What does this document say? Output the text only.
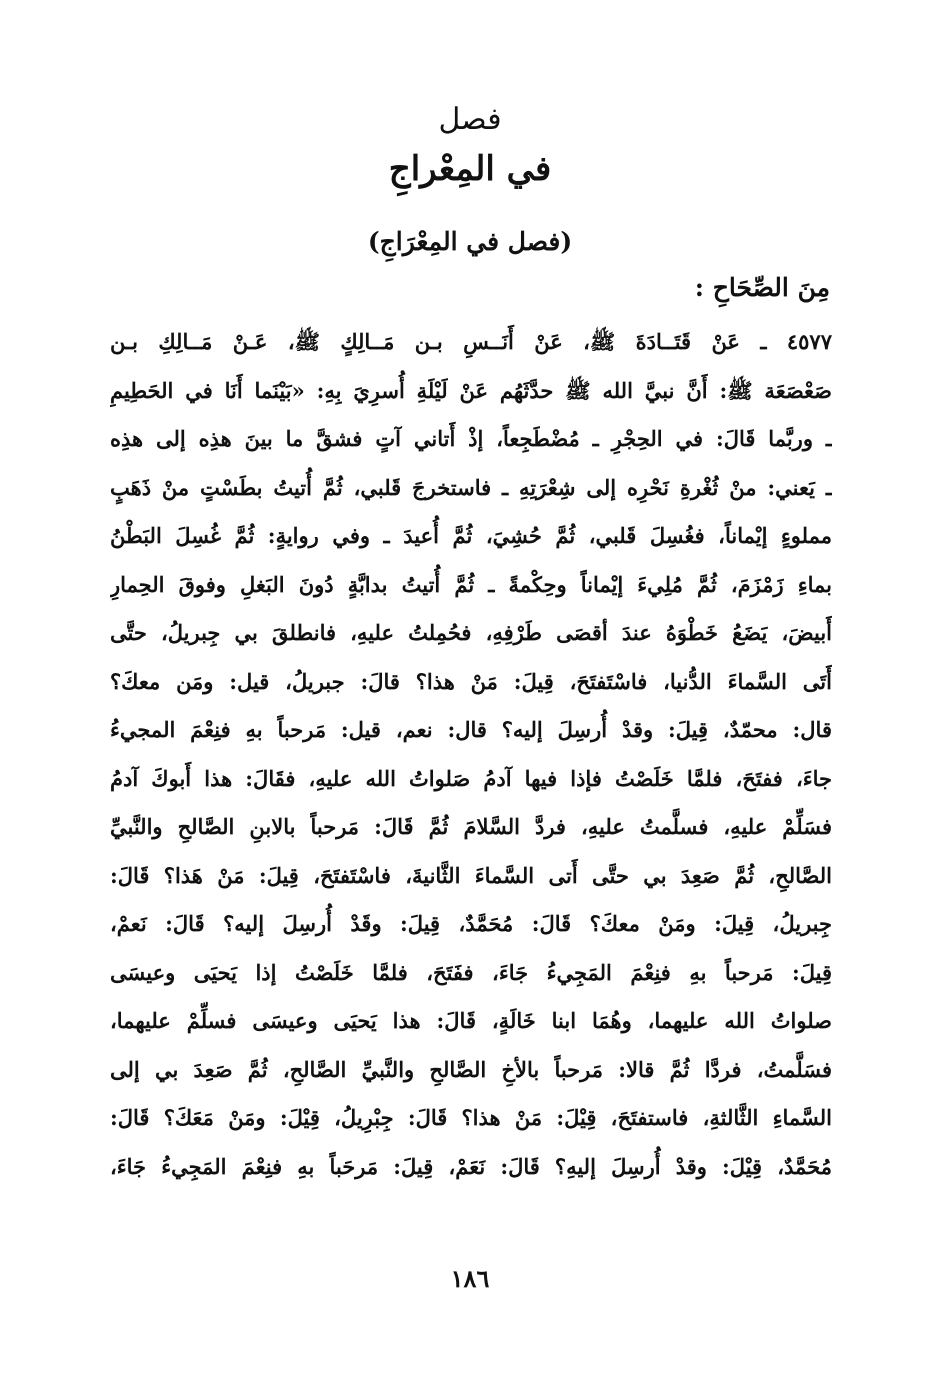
فصل
في المِعْراجِ
(فصل في المِعْرَاجِ)
مِنَ الصِّحَاحِ :
٤٥٧٧ ـ عَنْ قَتَــادَةَ ﷺ، عَنْ أَنَــسِ بـن مَــالِكٍ ﷺ، عَـنْ مَــالِكِ بـن
صَعْصَعَة ﷺ: أَنَّ نبيَّ الله ﷺ حدَّثَهُم عَنْ لَيْلَةِ أُسرِيَ بِهِ: «بَيْنَما أَنَا في الحَطِيمِ
ـ وربَّما قَالَ: في الحِجْرِ ـ مُضْطَجِعاً، إذْ أَتاني آتٍ فشقَّ ما بينَ هذِه إلى هذِه
ـ يَعني: منْ ثُغْرةِ نَحْرِه إلى شِعْرَتِهِ ـ فاستخرجَ قَلبي، ثُمَّ أُتيتُ بطَسْتٍ منْ ذَهَبٍ
مملوءٍ إيْماناً، فغُسِلَ قَلبي، ثُمَّ حُشِيَ، ثُمَّ أُعيدَ ـ وفي روايةٍ: ثُمَّ غُسِلَ البَطْنُ
بماءِ زَمْزَمَ، ثُمَّ مُلِيءَ إيْماناً وحِكْمةً ـ ثُمَّ أُتيتُ بدابَّةٍ دُونَ البَغلِ وفوقَ الحِمارِ
أَبيضَ، يَضَعُ خَطْوَهُ عندَ أقصَى طَرْفِهِ، فحُمِلتُ عليهِ، فانطلقَ بي جِبريلُ، حتَّى
أَتَى السَّماءَ الدُّنيا، فاسْتَفتَحَ، قِيلَ: مَنْ هذا؟ قالَ: جبريلُ، قيل: ومَن معكَ؟
قال: محمّدٌ، قِيلَ: وقدْ أُرسِلَ إليه؟ قال: نعم، قيل: مَرحباً بهِ فنِعْمَ المجيءُ
جاءَ، ففتَحَ، فلمَّا خَلَصْتُ فإذا فيها آدمُ صَلواتُ الله عليهِ، فقَالَ: هذا أَبوكَ آدمُ
فسَلِّمْ عليهِ، فسلَّمتُ عليهِ، فردَّ السَّلامَ ثُمَّ قَالَ: مَرحباً بالابنِ الصَّالحِ والنَّبيِّ
الصَّالحِ، ثُمَّ صَعِدَ بي حتَّى أَتى السَّماءَ الثَّانيةَ، فاسْتَفتَحَ، قِيلَ: مَنْ هَذا؟ قَالَ:
جِبريلُ، قِيلَ: ومَنْ معكَ؟ قَالَ: مُحَمَّدٌ، قِيلَ: وقَدْ أُرسِلَ إليه؟ قَالَ: نَعمْ،
قِيلَ: مَرحباً بهِ فنِعْمَ المَجِيءُ جَاءَ، ففَتَحَ، فلمَّا خَلَصْتُ إذا يَحيَى وعيسَى
صلواتُ الله عليهما، وهُمَا ابنا خَالَةٍ، قَالَ: هذا يَحيَى وعيسَى فسلِّمْ عليهما،
فسَلَّمتُ، فردَّا ثُمَّ قالا: مَرحباً بالأخِ الصَّالحِ والنَّبيِّ الصَّالحِ، ثُمَّ صَعِدَ بي إلى
السَّماءِ الثَّالثةِ، فاستفتَحَ، قِيْلَ: مَنْ هذا؟ قَالَ: جِبْرِيلُ، قِيْلَ: ومَنْ مَعَكَ؟ قَالَ:
مُحَمَّدٌ، قِيْلَ: وقدْ أُرسِلَ إليهِ؟ قَالَ: نَعَمْ، قِيلَ: مَرحَباً بهِ فنِعْمَ المَجِيءُ جَاءَ،
١٨٦
